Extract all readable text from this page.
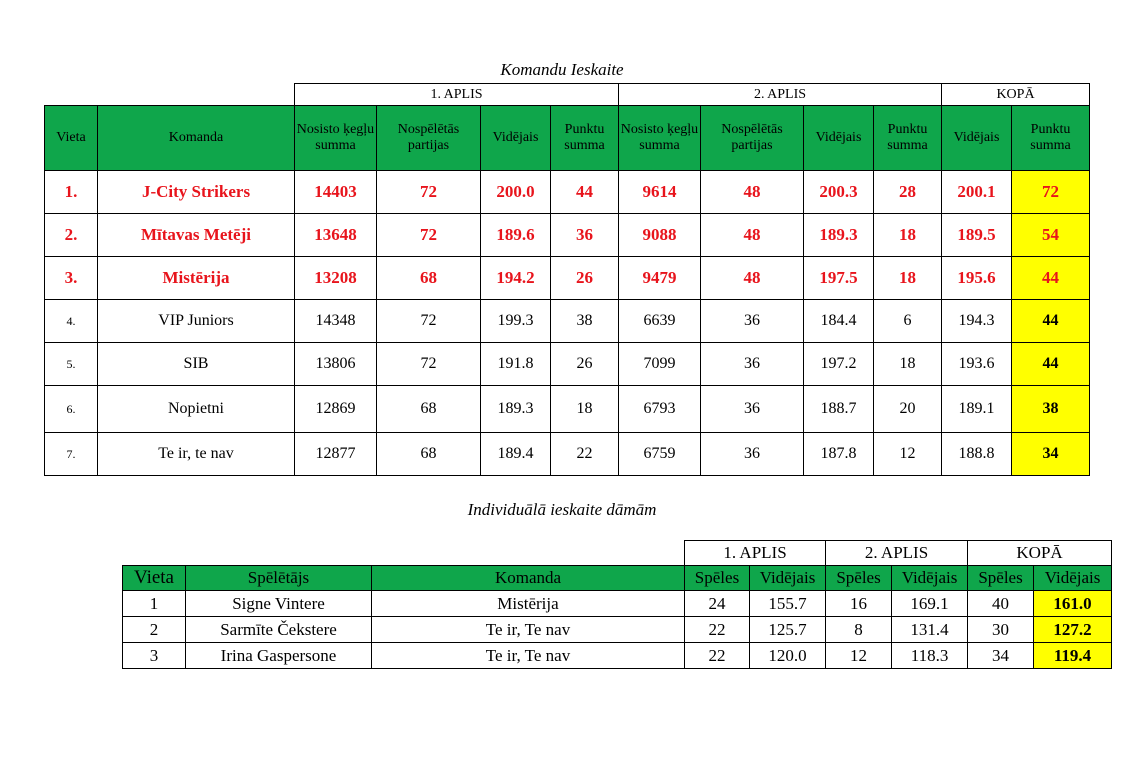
Komandu Ieskaite
		1. APLIS				2. APLIS				KOPĀ	
Vieta	Komanda	Nosisto ķegļu summa	Nospēlētās partijas	Vidējais	Punktu summa	Nosisto ķegļu summa	Nospēlētās partijas	Vidējais	Punktu summa	Vidējais	Punktu summa
1.	J-City Strikers	14403	72	200.0	44	9614	48	200.3	28	200.1	72
2.	Mītavas Metēji	13648	72	189.6	36	9088	48	189.3	18	189.5	54
3.	Mistērija	13208	68	194.2	26	9479	48	197.5	18	195.6	44
4.	VIP Juniors	14348	72	199.3	38	6639	36	184.4	6	194.3	44
5.	SIB	13806	72	191.8	26	7099	36	197.2	18	193.6	44
6.	Nopietni	12869	68	189.3	18	6793	36	188.7	20	189.1	38
7.	Te ir, te nav	12877	68	189.4	22	6759	36	187.8	12	188.8	34
Individuālā ieskaite dāmām
			1. APLIS		2. APLIS		KOPĀ	
Vieta	Spēlētājs	Komanda	Spēles	Vidējais	Spēles	Vidējais	Spēles	Vidējais
1	Signe Vintere	Mistērija	24	155.7	16	169.1	40	161.0
2	Sarmīte Čekstere	Te ir, Te nav	22	125.7	8	131.4	30	127.2
3	Irina Gaspersone	Te ir, Te nav	22	120.0	12	118.3	34	119.4
